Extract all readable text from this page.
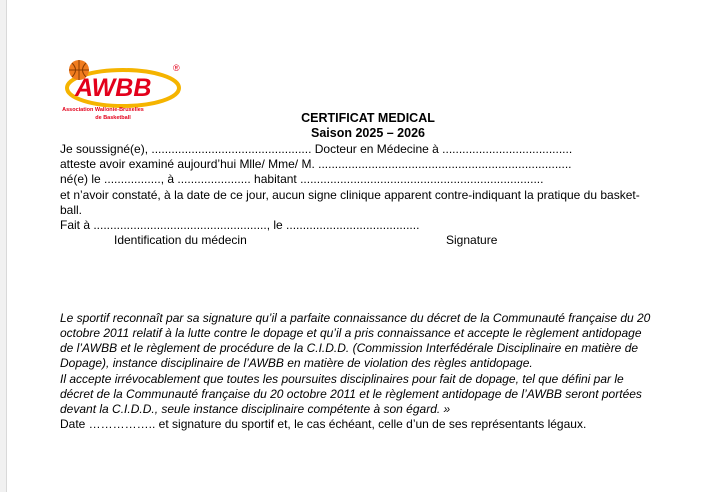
AWBB
®
Association Wallonie-Bruxelles
de Basketball	CERTIFICAT MEDICAL
Saison 2025 – 2026
Je soussigné(e), ................................................ Docteur en Médecine à .......................................
atteste avoir examiné aujourd’hui Mlle/ Mme/ M. ............................................................................
né(e) le ................., à ...................... habitant .........................................................................
et n’avoir constaté, à la date de ce jour, aucun signe clinique apparent contre-indiquant la pratique du basket-
ball.
Fait à ...................................................., le ........................................
Identification du médecin	Signature
Le sportif reconnaît par sa signature qu’il a parfaite connaissance du décret de la Communauté française du 20
octobre 2011 relatif à la lutte contre le dopage et qu’il a pris connaissance et accepte le règlement antidopage
de l’AWBB et le règlement de procédure de la C.I.D.D. (Commission Interfédérale Disciplinaire en matière de
Dopage), instance disciplinaire de l’AWBB en matière de violation des règles antidopage.
Il accepte irrévocablement que toutes les poursuites disciplinaires pour fait de dopage, tel que défini par le
décret de la Communauté française du 20 octobre 2011 et le règlement antidopage de l’AWBB seront portées
devant la C.I.D.D., seule instance disciplinaire compétente à son égard. »
Date …………….. et signature du sportif et, le cas échéant, celle d’un de ses représentants légaux.
